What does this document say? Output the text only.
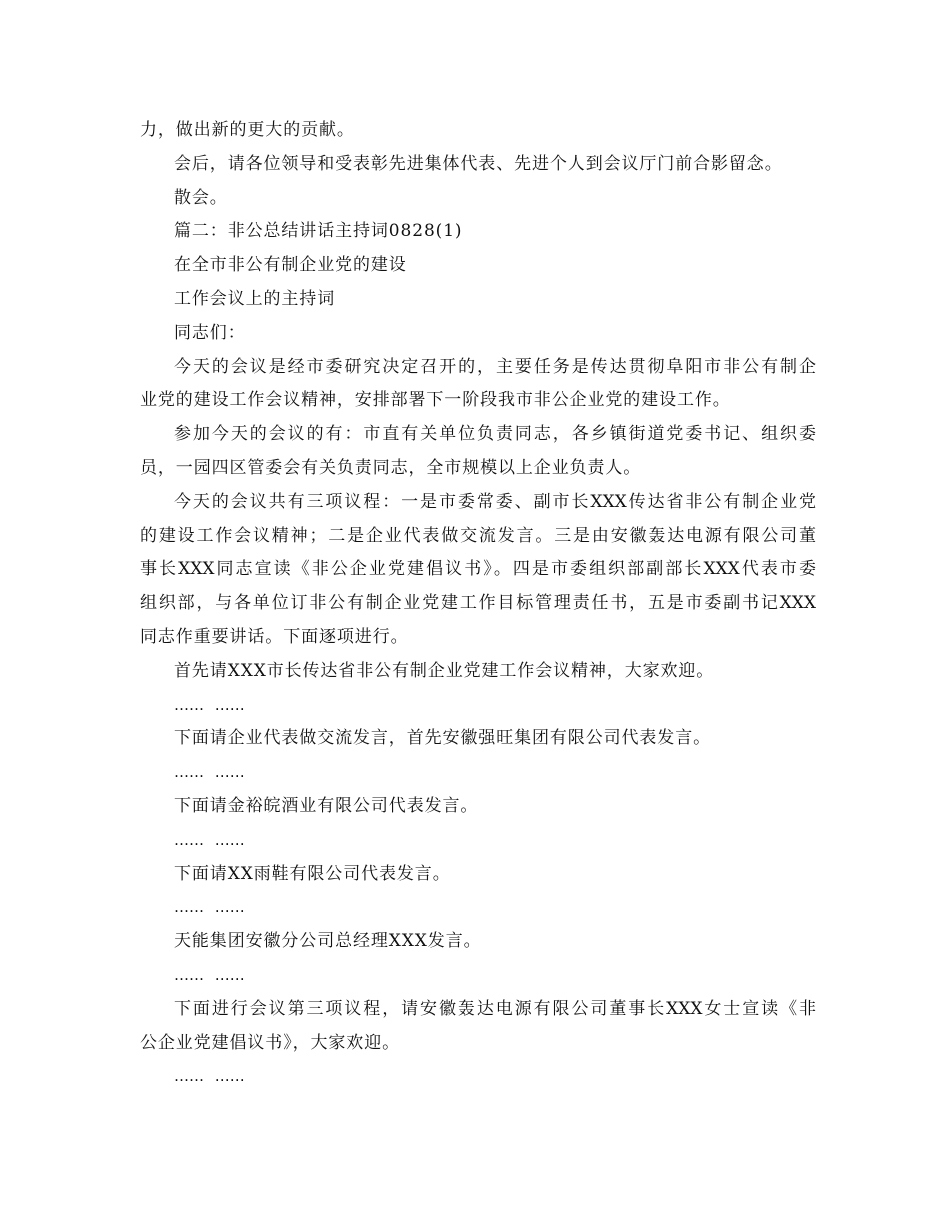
力，做出新的更大的贡献。
会后，请各位领导和受表彰先进集体代表、先进个人到会议厅门前合影留念。
散会。
篇二：非公总结讲话主持词0828(1)
在全市非公有制企业党的建设
工作会议上的主持词
同志们：
今天的会议是经市委研究决定召开的，主要任务是传达贯彻阜阳市非公有制企
业党的建设工作会议精神，安排部署下一阶段我市非公企业党的建设工作。
参加今天的会议的有：市直有关单位负责同志，各乡镇街道党委书记、组织委
员，一园四区管委会有关负责同志，全市规模以上企业负责人。
今天的会议共有三项议程：一是市委常委、副市长XXX传达省非公有制企业党
的建设工作会议精神；二是企业代表做交流发言。三是由安徽轰达电源有限公司董
事长XXX同志宣读《非公企业党建倡议书》。四是市委组织部副部长XXX代表市委
组织部，与各单位订非公有制企业党建工作目标管理责任书，五是市委副书记XXX
同志作重要讲话。下面逐项进行。
首先请XXX市长传达省非公有制企业党建工作会议精神，大家欢迎。
…… ……
下面请企业代表做交流发言，首先安徽强旺集团有限公司代表发言。
…… ……
下面请金裕皖酒业有限公司代表发言。
…… ……
下面请XX雨鞋有限公司代表发言。
…… ……
天能集团安徽分公司总经理XXX发言。
…… ……
下面进行会议第三项议程，请安徽轰达电源有限公司董事长XXX女士宣读《非
公企业党建倡议书》，大家欢迎。
…… ……
